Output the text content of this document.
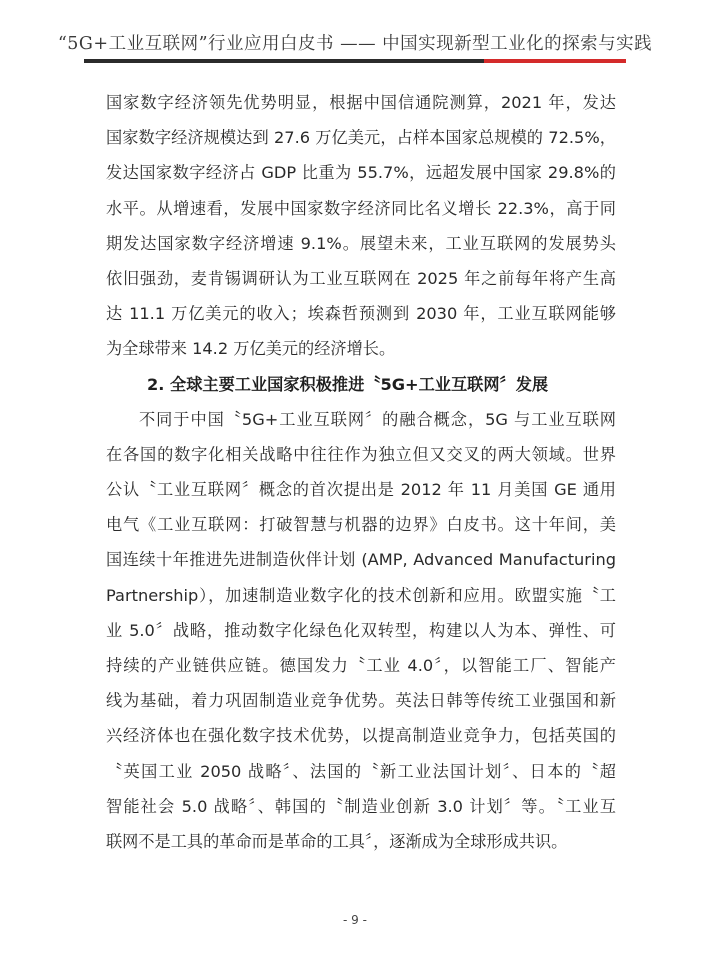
“5G+工业互联网”行业应用白皮书 —— 中国实现新型工业化的探索与实践
国家数字经济领先优势明显，根据中国信通院测算，2021 年，发达
国家数字经济规模达到 27.6 万亿美元，占样本国家总规模的 72.5%，
发达国家数字经济占 GDP 比重为 55.7%，远超发展中国家 29.8%的
水平。从增速看，发展中国家数字经济同比名义增长 22.3%，高于同
期发达国家数字经济增速 9.1%。展望未来，工业互联网的发展势头
依旧强劲，麦肯锡调研认为工业互联网在 2025 年之前每年将产生高
达 11.1 万亿美元的收入；埃森哲预测到 2030 年，工业互联网能够
为全球带来 14.2 万亿美元的经济增长。
2. 全球主要工业国家积极推进〝5G+工业互联网〞发展
不同于中国〝5G+工业互联网〞的融合概念，5G 与工业互联网
在各国的数字化相关战略中往往作为独立但又交叉的两大领域。世界
公认〝工业互联网〞概念的首次提出是 2012 年 11 月美国 GE 通用
电气《工业互联网：打破智慧与机器的边界》白皮书。这十年间，美
国连续十年推进先进制造伙伴计划 (AMP, Advanced Manufacturing
Partnership），加速制造业数字化的技术创新和应用。欧盟实施〝工
业 5.0〞战略，推动数字化绿色化双转型，构建以人为本、弹性、可
持续的产业链供应链。德国发力〝工业 4.0〞，以智能工厂、智能产
线为基础，着力巩固制造业竞争优势。英法日韩等传统工业强国和新
兴经济体也在强化数字技术优势，以提高制造业竞争力，包括英国的
〝英国工业 2050 战略〞、法国的〝新工业法国计划〞、日本的〝超
智能社会 5.0 战略〞、韩国的〝制造业创新 3.0 计划〞等。〝工业互
联网不是工具的革命而是革命的工具〞，逐渐成为全球形成共识。
- 9 -
